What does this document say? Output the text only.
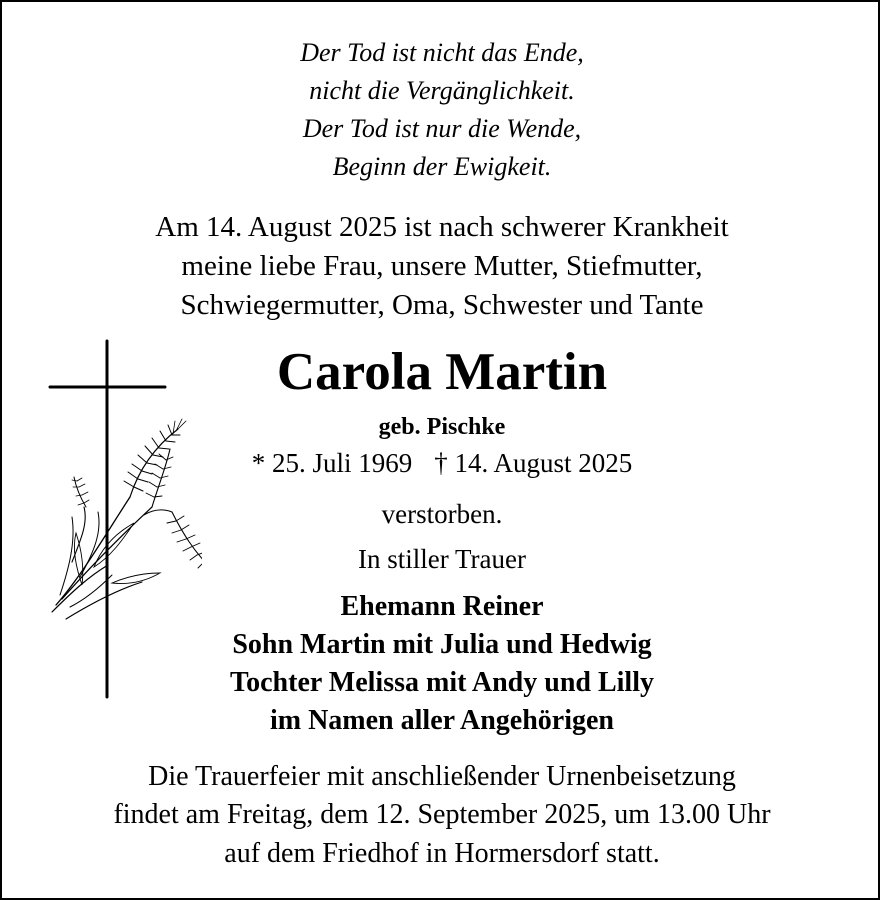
Der Tod ist nicht das Ende,
nicht die Vergänglichkeit.
Der Tod ist nur die Wende,
Beginn der Ewigkeit.
Am 14. August 2025 ist nach schwerer Krankheit
meine liebe Frau, unsere Mutter, Stiefmutter,
Schwiegermutter, Oma, Schwester und Tante
Carola Martin
geb. Pischke
* 25. Juli 1969 † 14. August 2025
verstorben.
In stiller Trauer
Ehemann Reiner
Sohn Martin mit Julia und Hedwig
Tochter Melissa mit Andy und Lilly
im Namen aller Angehörigen
Die Trauerfeier mit anschließender Urnenbeisetzung
findet am Freitag, dem 12. September 2025, um 13.00 Uhr
auf dem Friedhof in Hormersdorf statt.
